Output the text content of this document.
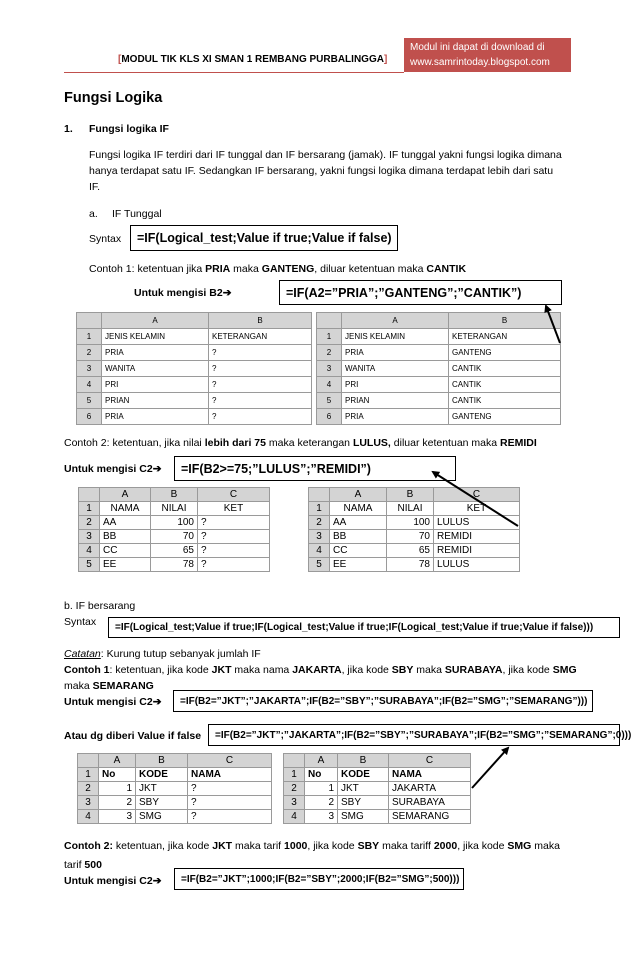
[MODUL TIK KLS XI SMAN 1 REMBANG PURBALINGGA]
Modul ini dapat di download di
www.samrintoday.blogspot.com
Fungsi Logika
1. Fungsi logika IF
Fungsi logika IF terdiri dari IF tunggal dan IF bersarang (jamak). IF tunggal yakni fungsi logika dimana
hanya terdapat satu IF. Sedangkan IF bersarang, yakni fungsi logika dimana terdapat lebih dari satu
IF.
a. IF Tunggal
Syntax	=IF(Logical_test;Value if true;Value if false)
Contoh 1: ketentuan jika PRIA maka GANTENG, diluar ketentuan maka CANTIK
Untuk mengisi B2➔	=IF(A2=”PRIA”;”GANTENG”;”CANTIK”)
	A	B
1	JENIS KELAMIN	KETERANGAN
2	PRIA	?
3	WANITA	?
4	PRI	?
5	PRIAN	?
6	PRIA	?
	A	B
1	JENIS KELAMIN	KETERANGAN
2	PRIA	GANTENG
3	WANITA	CANTIK
4	PRI	CANTIK
5	PRIAN	CANTIK
6	PRIA	GANTENG
Contoh 2: ketentuan, jika nilai lebih dari 75 maka keterangan LULUS, diluar ketentuan maka REMIDI
Untuk mengisi C2➔	=IF(B2>=75;”LULUS”;”REMIDI”)
	A	B	C
1	NAMA	NILAI	KET
2	AA	100	?
3	BB	70	?
4	CC	65	?
5	EE	78	?
	A	B	C
1	NAMA	NILAI	KET
2	AA	100	LULUS
3	BB	70	REMIDI
4	CC	65	REMIDI
5	EE	78	LULUS
b. IF bersarang
Syntax	=IF(Logical_test;Value if true;IF(Logical_test;Value if true;IF(Logical_test;Value if true;Value if false)))
Catatan: Kurung tutup sebanyak jumlah IF
Contoh 1: ketentuan, jika kode JKT maka nama JAKARTA, jika kode SBY maka SURABAYA, jika kode SMG
maka SEMARANG
Untuk mengisi C2➔	=IF(B2=”JKT”;”JAKARTA”;IF(B2=”SBY”;”SURABAYA”;IF(B2=”SMG”;”SEMARANG”)))
Atau dg diberi Value if false	=IF(B2=”JKT”;”JAKARTA”;IF(B2=”SBY”;”SURABAYA”;IF(B2=”SMG”;”SEMARANG”;0)))
	A	B	C
1	No	KODE	NAMA
2	1	JKT	?
3	2	SBY	?
4	3	SMG	?
	A	B	C
1	No	KODE	NAMA
2	1	JKT	JAKARTA
3	2	SBY	SURABAYA
4	3	SMG	SEMARANG
Contoh 2: ketentuan, jika kode JKT maka tarif 1000, jika kode SBY maka tariff 2000, jika kode SMG maka
tarif 500
Untuk mengisi C2➔	=IF(B2=”JKT”;1000;IF(B2=”SBY”;2000;IF(B2=”SMG”;500)))
